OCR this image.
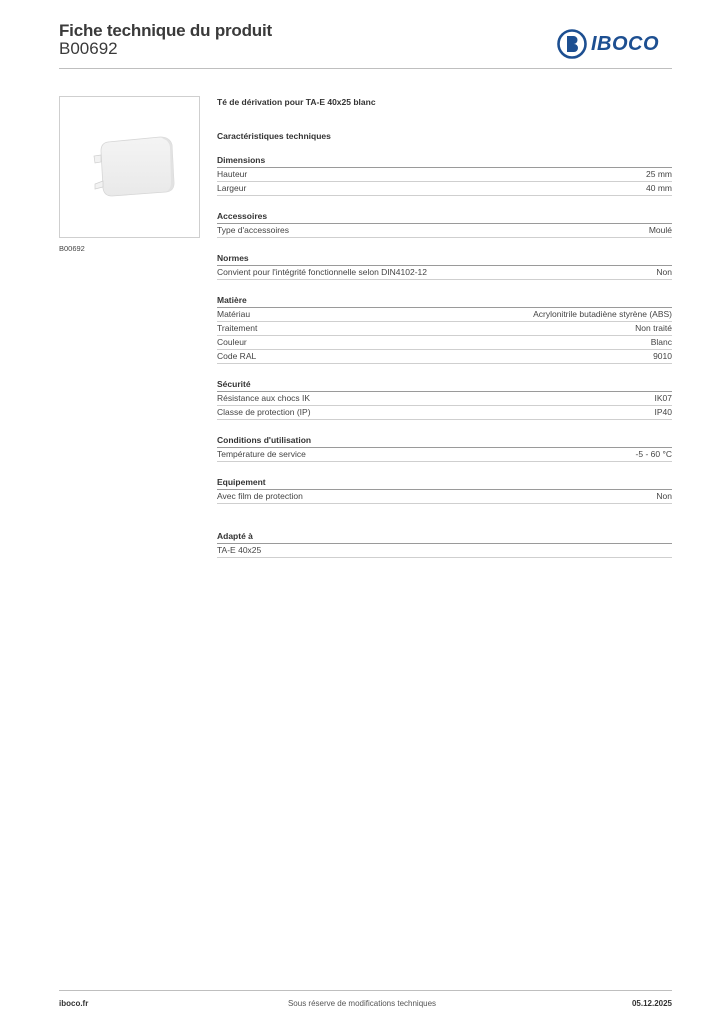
Fiche technique du produit
B00692	IBOCO
B00692
Té de dérivation pour TA-E 40x25 blanc
Caractéristiques techniques
Dimensions
Hauteur	25 mm
Largeur	40 mm
Accessoires
Type d'accessoires	Moulé
Normes
Convient pour l'intégrité fonctionnelle selon DIN4102-12	Non
Matière
Matériau	Acrylonitrile butadiène styrène (ABS)
Traitement	Non traité
Couleur	Blanc
Code RAL	9010
Sécurité
Résistance aux chocs IK	IK07
Classe de protection (IP)	IP40
Conditions d'utilisation
Température de service	-5 - 60 °C
Equipement
Avec film de protection	Non
Adapté à
TA-E 40x25
iboco.fr	Sous réserve de modifications techniques	05.12.2025
